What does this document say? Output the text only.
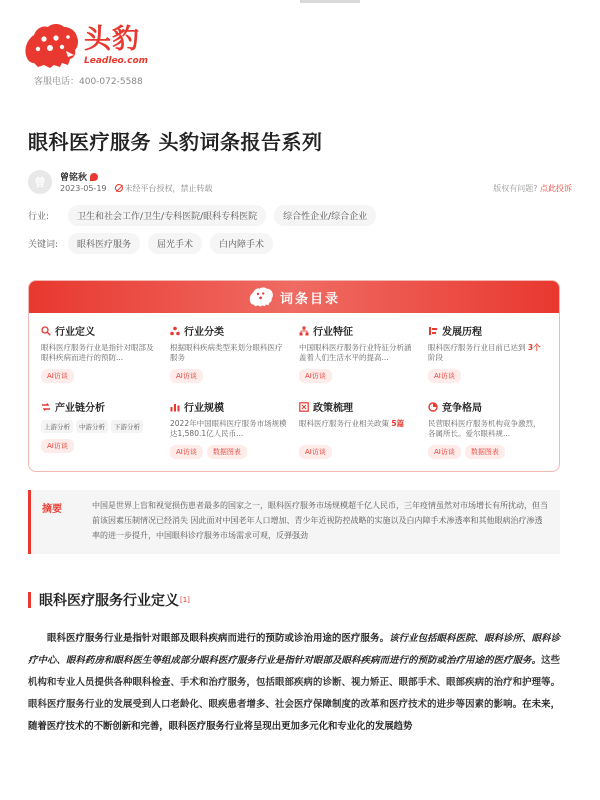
头豹
Leadleo.com
客服电话：400-072-5588
眼科医疗服务 头豹词条报告系列
曾 曾铭秋
2023-05-19 未经平台授权，禁止转载	版权有问题? 点此投诉
行业:	卫生和社会工作/卫生/专科医院/眼科专科医院	综合性企业/综合企业
关键词:	眼科医疗服务	屈光手术	白内障手术
词条目录
行业定义
眼科医疗服务行业是指针对眼部及眼科疾病而进行的预防...
AI访谈
行业分类
根据眼科疾病类型来划分眼科医疗服务
AI访谈
行业特征
中国眼科医疗服务行业特征分析涵盖着人们生活水平的提高...
AI访谈
发展历程
眼科医疗服务行业目前已达到 3个阶段
AI访谈
产业链分析
上游分析	中游分析	下游分析
AI访谈
行业规模
2022年中国眼科医疗服务市场规模达1,580.1亿人民币...
AI访谈	数据图表
政策梳理
眼科医疗服务行业相关政策 5篇
AI访谈
竞争格局
民营眼科医疗服务机构竞争激烈，各属所长。爱尔眼科规...
AI访谈	数据图表
摘要	中国是世界上盲和视觉损伤患者最多的国家之一，眼科医疗服务市场规模超千亿人民币，三年疫情虽然对市场增长有所扰动，但当前该因素压制情况已经消失 因此面对中国老年人口增加、青少年近视防控战略的实施以及白内障手术渗透率和其他眼病治疗渗透率的进一步提升，中国眼科诊疗服务市场需求可观，反弹强劲
眼科医疗服务行业定义 [1]
眼科医疗服务行业是指针对眼部及眼科疾病而进行的预防或诊治用途的医疗服务。该行业包括眼科医院、眼科诊所、眼科诊疗中心、眼科药房和眼科医生等组成部分眼科医疗服务行业是指针对眼部及眼科疾病而进行的预防或治疗用途的医疗服务。这些机构和专业人员提供各种眼科检查、手术和治疗服务，包括眼部疾病的诊断、视力矫正、眼部手术、眼部疾病的治疗和护理等。眼科医疗服务行业的发展受到人口老龄化、眼疾患者增多、社会医疗保障制度的改革和医疗技术的进步等因素的影响。在未来，随着医疗技术的不断创新和完善，眼科医疗服务行业将呈现出更加多元化和专业化的发展趋势
